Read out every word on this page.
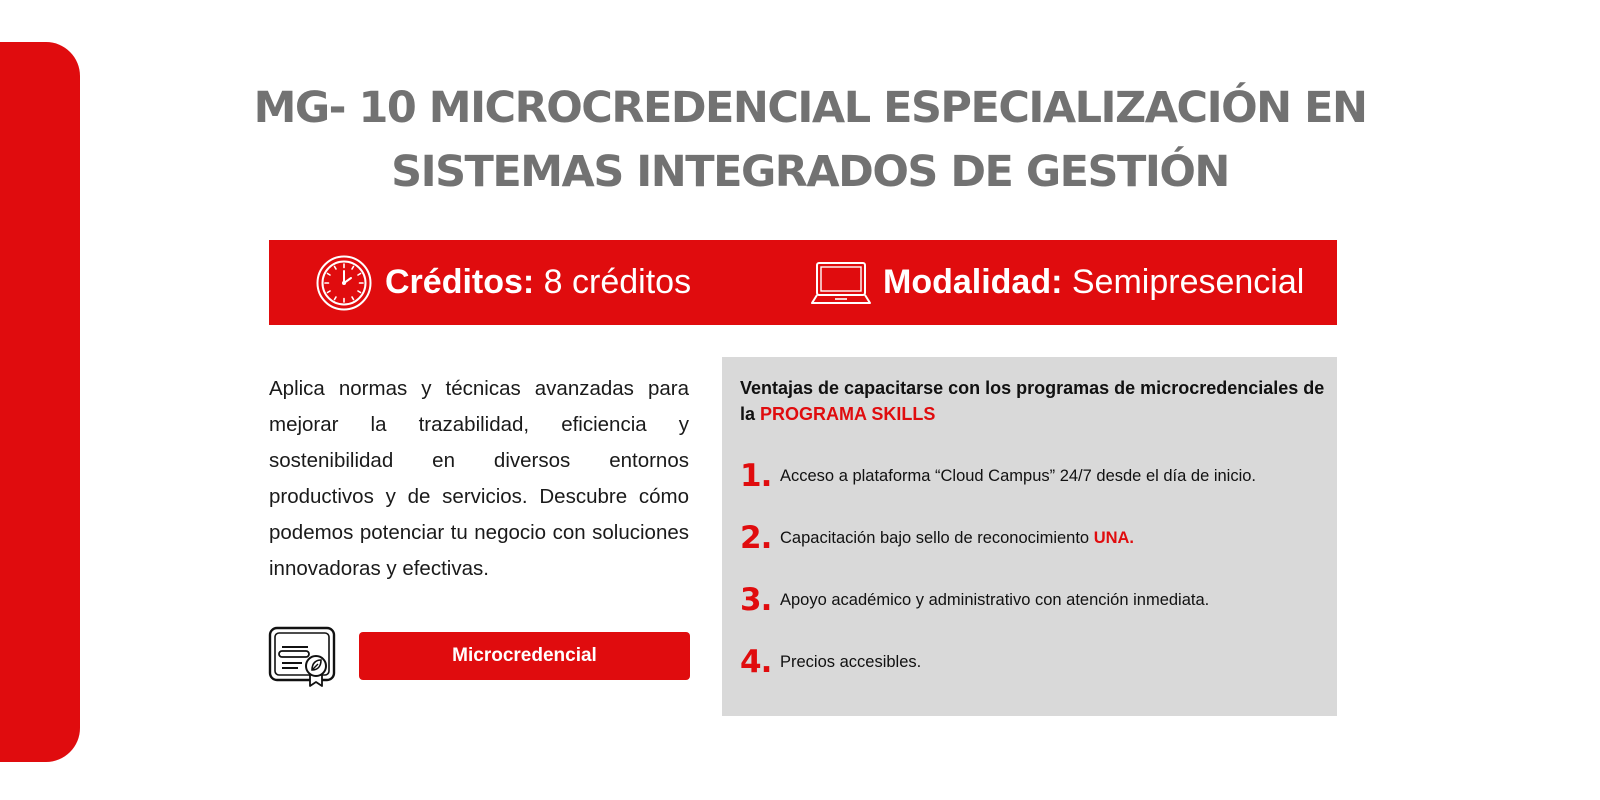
MG- 10 MICROCREDENCIAL ESPECIALIZACIÓN EN
SISTEMAS INTEGRADOS DE GESTIÓN
Créditos: 8 créditos	Modalidad: Semipresencial

Aplica normas y técnicas avanzadas para mejorar la trazabilidad, eficiencia y sostenibilidad en diversos entornos productivos y de servicios. Descubre cómo podemos potenciar tu negocio con soluciones innovadoras y efectivas.

Microcredencial
Ventajas de capacitarse con los programas de microcredenciales de la PROGRAMA SKILLS
1. Acceso a plataforma “Cloud Campus” 24/7 desde el día de inicio.
2. Capacitación bajo sello de reconocimiento UNA.
3. Apoyo académico y administrativo con atención inmediata.
4. Precios accesibles.
